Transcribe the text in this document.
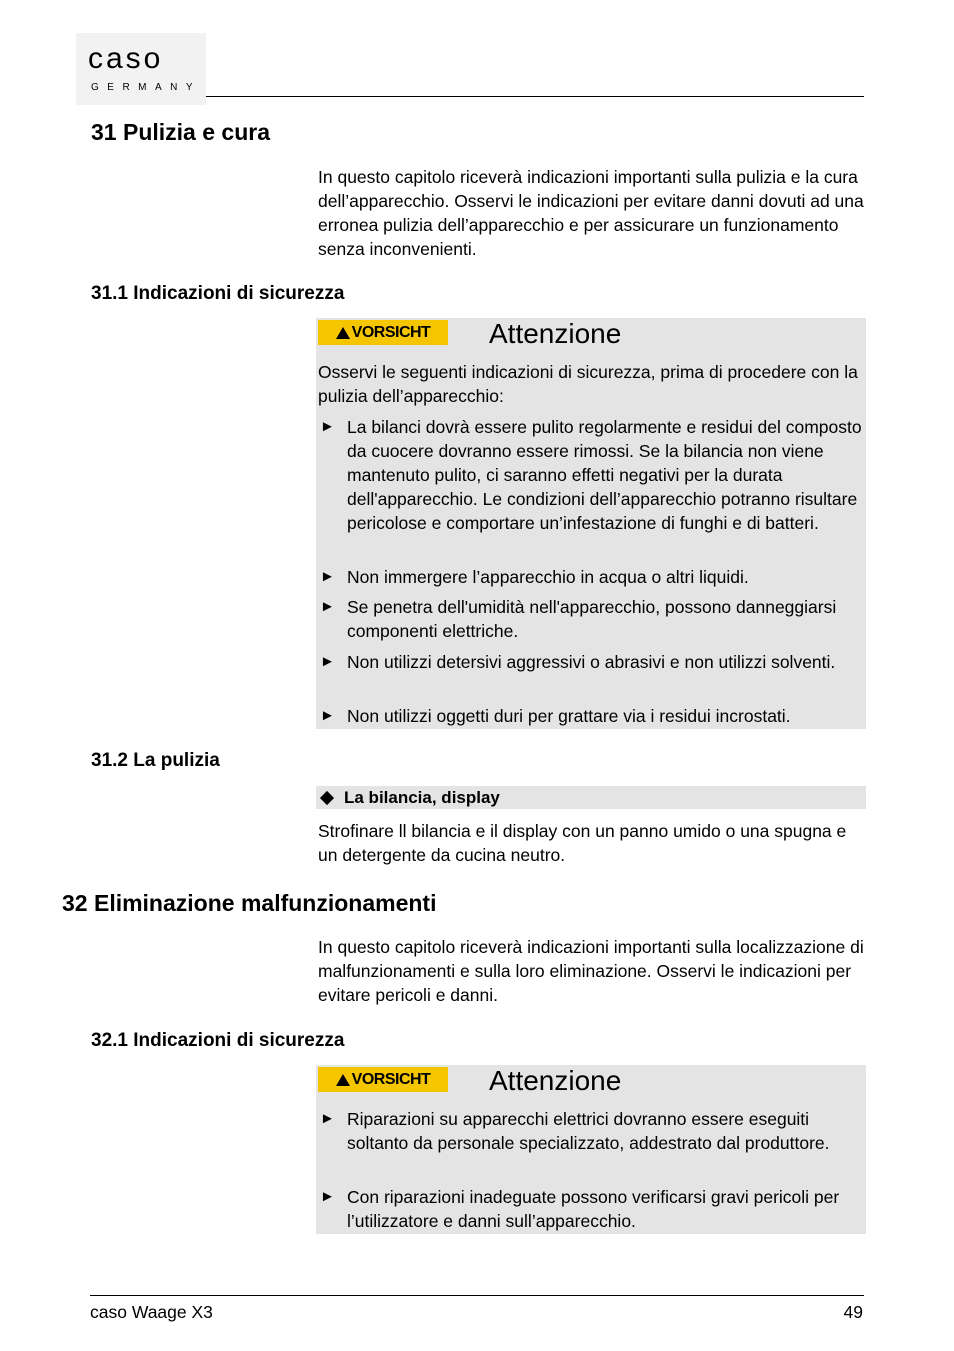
caso
GERMANY
31 Pulizia e cura
In questo capitolo riceverà indicazioni importanti sulla pulizia e la cura dell’apparecchio. Osservi le indicazioni per evitare danni dovuti ad una erronea pulizia dell’apparecchio e per assicurare un funzionamento senza inconvenienti.
31.1 Indicazioni di sicurezza
VORSICHT Attenzione
Osservi le seguenti indicazioni di sicurezza, prima di procedere con la pulizia dell’apparecchio:
► La bilanci dovrà essere pulito regolarmente e residui del composto da cuocere dovranno essere rimossi. Se la bilancia non viene mantenuto pulito, ci saranno effetti negativi per la durata dell'apparecchio. Le condizioni dell’apparecchio potranno risultare pericolose e comportare un’infestazione di funghi e di batteri.
► Non immergere l’apparecchio in acqua o altri liquidi.
► Se penetra dell'umidità nell'apparecchio, possono danneggiarsi componenti elettriche.
► Non utilizzi detersivi aggressivi o abrasivi e non utilizzi solventi.
► Non utilizzi oggetti duri per grattare via i residui incrostati.
31.2 La pulizia
La bilancia, display
Strofinare ll bilancia e il display con un panno umido o una spugna e un detergente da cucina neutro.
32 Eliminazione malfunzionamenti
In questo capitolo riceverà indicazioni importanti sulla localizzazione di malfunzionamenti e sulla loro eliminazione. Osservi le indicazioni per evitare pericoli e danni.
32.1 Indicazioni di sicurezza
VORSICHT Attenzione
► Riparazioni su apparecchi elettrici dovranno essere eseguiti soltanto da personale specializzato, addestrato dal produttore.
► Con riparazioni inadeguate possono verificarsi gravi pericoli per l’utilizzatore e danni sull’apparecchio.
caso Waage X3	49
